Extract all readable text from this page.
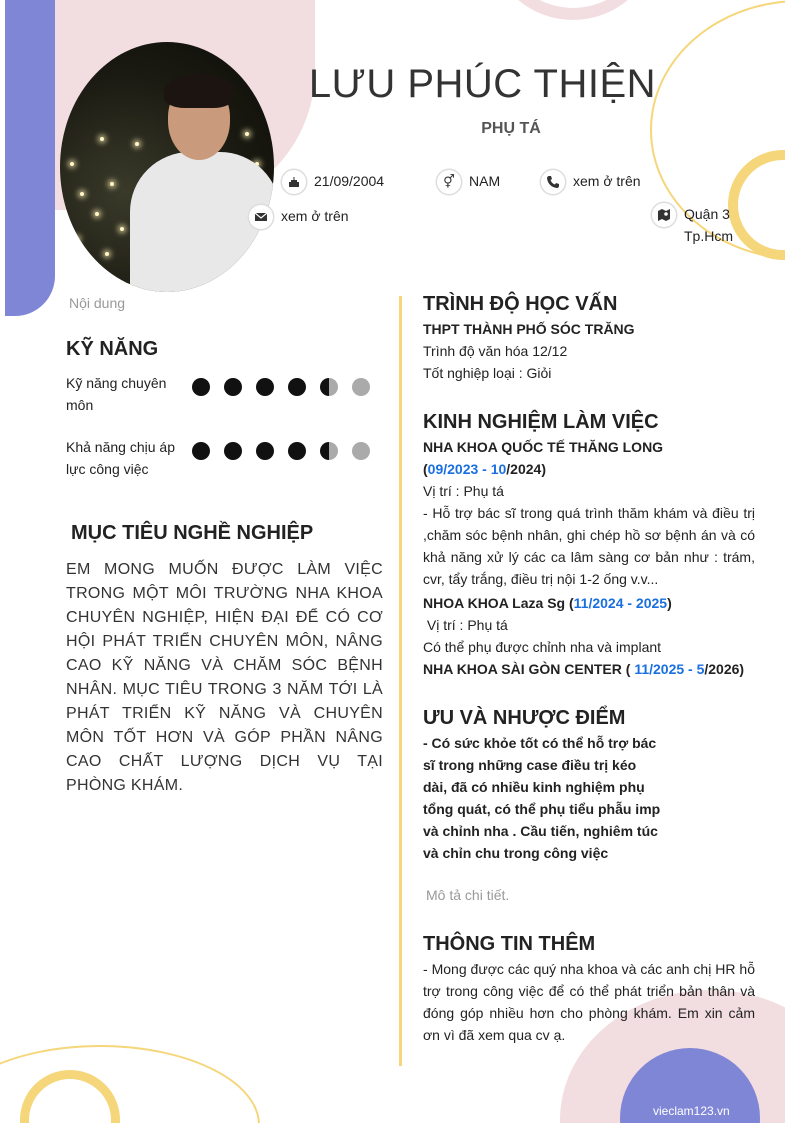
LƯU PHÚC THIỆN
PHỤ TÁ
21/09/2004	⚥	NAM	xem ở trên
xem ở trên	Quận 3
Tp.Hcm
Nội dung
KỸ NĂNG
Kỹ năng chuyên môn
Khả năng chịu áp lực công việc
MỤC TIÊU NGHỀ NGHIỆP
EM MONG MUỐN ĐƯỢC LÀM VIỆC TRONG MỘT MÔI TRƯỜNG NHA KHOA CHUYÊN NGHIỆP, HIỆN ĐẠI ĐỂ CÓ CƠ HỘI PHÁT TRIỂN CHUYÊN MÔN, NÂNG CAO KỸ NĂNG VÀ CHĂM SÓC BỆNH NHÂN. MỤC TIÊU TRONG 3 NĂM TỚI LÀ PHÁT TRIỂN KỸ NĂNG VÀ CHUYÊN MÔN TỐT HƠN VÀ GÓP PHẦN NÂNG CAO CHẤT LƯỢNG DỊCH VỤ TẠI PHÒNG KHÁM.
TRÌNH ĐỘ HỌC VẤN
THPT THÀNH PHỐ SÓC TRĂNG
Trình độ văn hóa 12/12
Tốt nghiệp loại : Giỏi
KINH NGHIỆM LÀM VIỆC
NHA KHOA QUỐC TẾ THĂNG LONG
(09/2023 - 10/2024)
Vị trí : Phụ tá
- Hỗ trợ bác sĩ trong quá trình thăm khám và điều trị ,chăm sóc bệnh nhân, ghi chép hồ sơ bệnh án và có khả năng xử lý các ca lâm sàng cơ bản như : trám, cvr, tẩy trắng, điều trị nội 1-2 ống v.v...
NHOA KHOA Laza Sg (11/2024 - 2025)
Vị trí : Phụ tá
Có thể phụ được chỉnh nha và implant
NHA KHOA SÀI GÒN CENTER ( 11/2025 - 5/2026)
ƯU VÀ NHƯỢC ĐIỂM
- Có sức khỏe tốt có thể hỗ trợ bác sĩ trong những case điều trị kéo dài, đã có nhiều kinh nghiệm phụ tổng quát, có thể phụ tiểu phẫu imp và chỉnh nha . Cầu tiến, nghiêm túc và chỉn chu trong công việc
Mô tả chi tiết.
THÔNG TIN THÊM
- Mong được các quý nha khoa và các anh chị HR hỗ trợ trong công việc để có thể phát triển bản thân và đóng góp nhiều hơn cho phòng khám. Em xin cảm ơn vì đã xem qua cv ạ.
vieclam123.vn
